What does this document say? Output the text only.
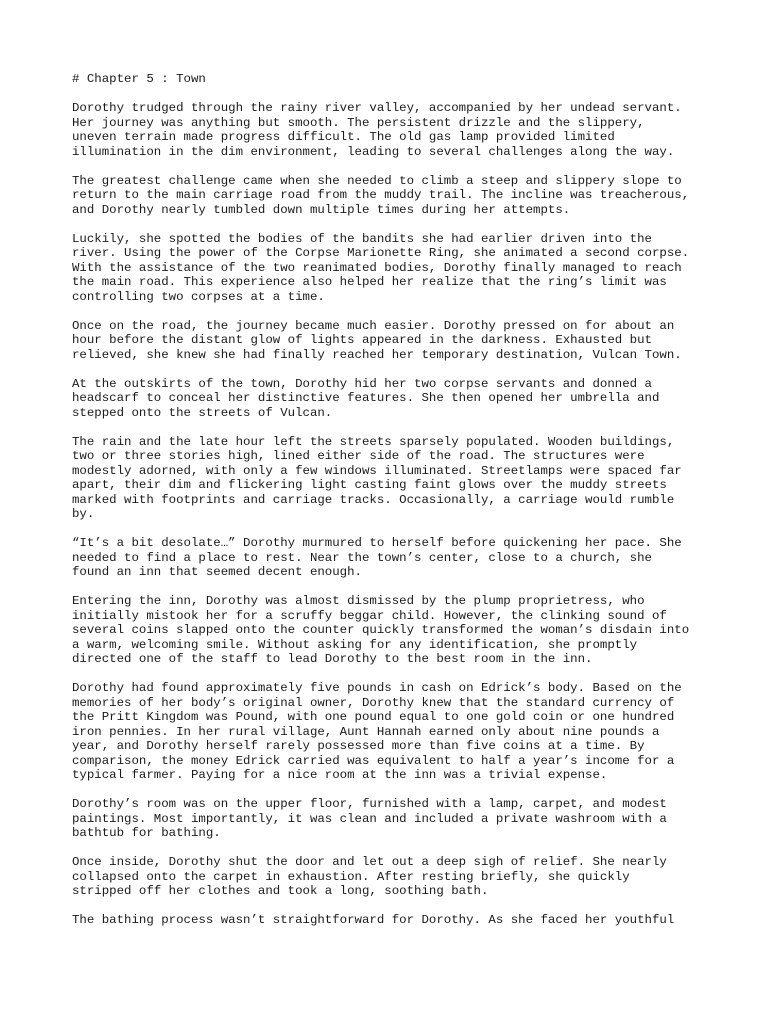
# Chapter 5 : Town

Dorothy trudged through the rainy river valley, accompanied by her undead servant.
Her journey was anything but smooth. The persistent drizzle and the slippery,
uneven terrain made progress difficult. The old gas lamp provided limited
illumination in the dim environment, leading to several challenges along the way.

The greatest challenge came when she needed to climb a steep and slippery slope to
return to the main carriage road from the muddy trail. The incline was treacherous,
and Dorothy nearly tumbled down multiple times during her attempts.

Luckily, she spotted the bodies of the bandits she had earlier driven into the
river. Using the power of the Corpse Marionette Ring, she animated a second corpse.
With the assistance of the two reanimated bodies, Dorothy finally managed to reach
the main road. This experience also helped her realize that the ring’s limit was
controlling two corpses at a time.

Once on the road, the journey became much easier. Dorothy pressed on for about an
hour before the distant glow of lights appeared in the darkness. Exhausted but
relieved, she knew she had finally reached her temporary destination, Vulcan Town.

At the outskirts of the town, Dorothy hid her two corpse servants and donned a
headscarf to conceal her distinctive features. She then opened her umbrella and
stepped onto the streets of Vulcan.

The rain and the late hour left the streets sparsely populated. Wooden buildings,
two or three stories high, lined either side of the road. The structures were
modestly adorned, with only a few windows illuminated. Streetlamps were spaced far
apart, their dim and flickering light casting faint glows over the muddy streets
marked with footprints and carriage tracks. Occasionally, a carriage would rumble
by.

“It’s a bit desolate…” Dorothy murmured to herself before quickening her pace. She
needed to find a place to rest. Near the town’s center, close to a church, she
found an inn that seemed decent enough.

Entering the inn, Dorothy was almost dismissed by the plump proprietress, who
initially mistook her for a scruffy beggar child. However, the clinking sound of
several coins slapped onto the counter quickly transformed the woman’s disdain into
a warm, welcoming smile. Without asking for any identification, she promptly
directed one of the staff to lead Dorothy to the best room in the inn.

Dorothy had found approximately five pounds in cash on Edrick’s body. Based on the
memories of her body’s original owner, Dorothy knew that the standard currency of
the Pritt Kingdom was Pound, with one pound equal to one gold coin or one hundred
iron pennies. In her rural village, Aunt Hannah earned only about nine pounds a
year, and Dorothy herself rarely possessed more than five coins at a time. By
comparison, the money Edrick carried was equivalent to half a year’s income for a
typical farmer. Paying for a nice room at the inn was a trivial expense.

Dorothy’s room was on the upper floor, furnished with a lamp, carpet, and modest
paintings. Most importantly, it was clean and included a private washroom with a
bathtub for bathing.

Once inside, Dorothy shut the door and let out a deep sigh of relief. She nearly
collapsed onto the carpet in exhaustion. After resting briefly, she quickly
stripped off her clothes and took a long, soothing bath.

The bathing process wasn’t straightforward for Dorothy. As she faced her youthful
